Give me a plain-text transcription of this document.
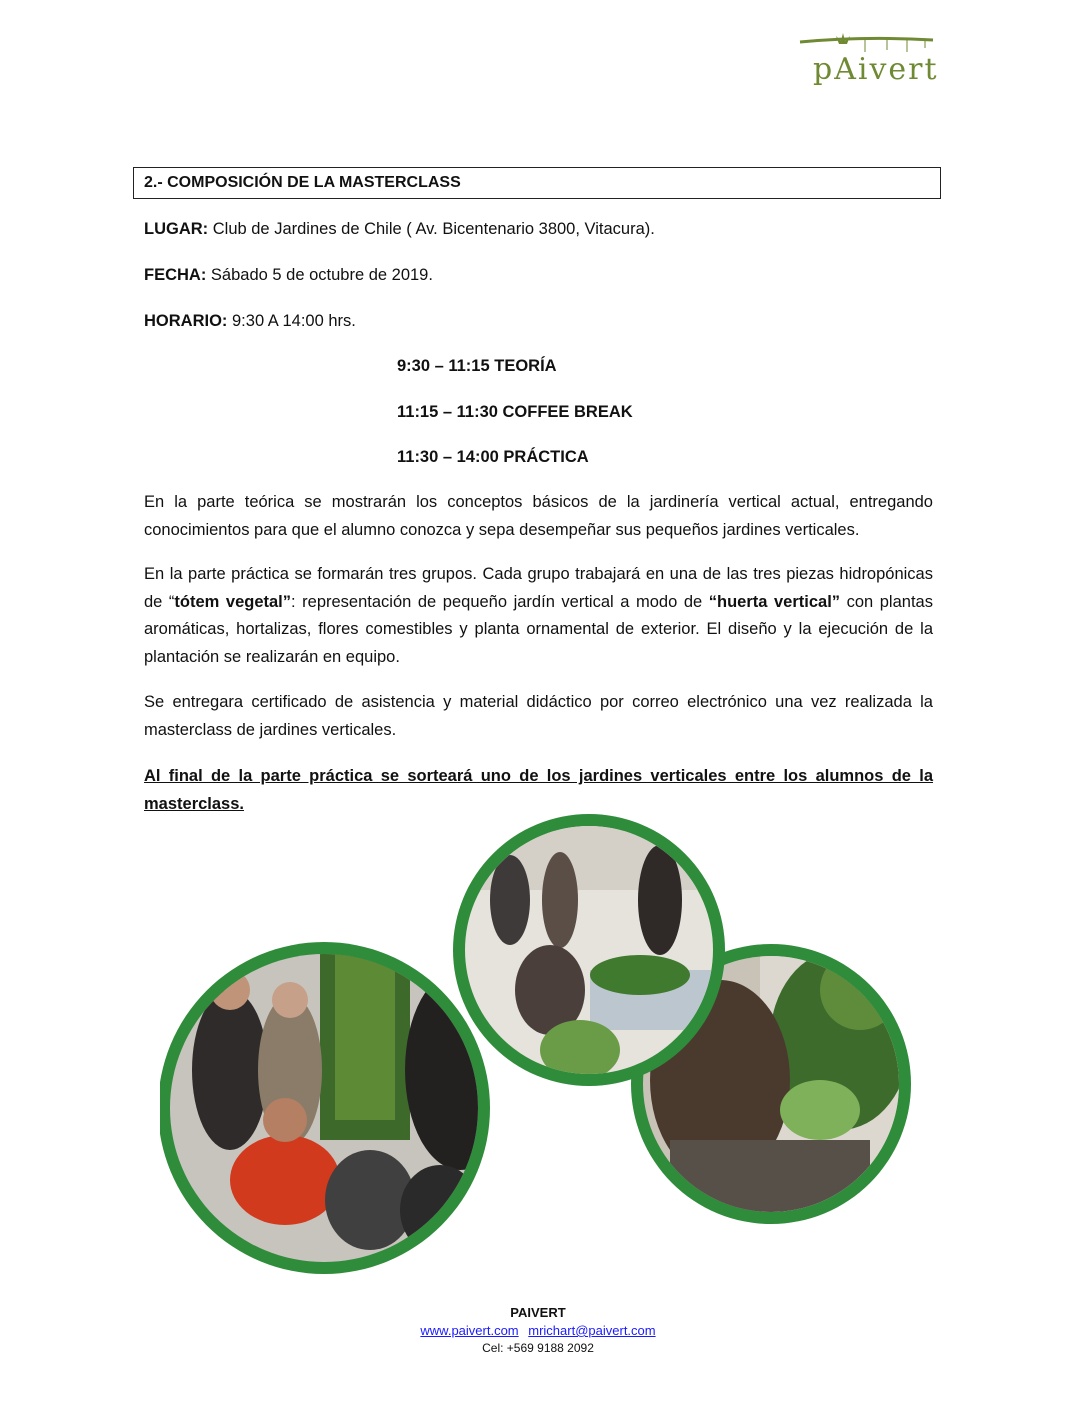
pAivert
2.- COMPOSICIÓN DE LA MASTERCLASS
LUGAR: Club de Jardines de Chile ( Av. Bicentenario 3800, Vitacura).
FECHA: Sábado 5 de octubre de 2019.
HORARIO: 9:30 A 14:00 hrs.
9:30 – 11:15 TEORÍA
11:15 – 11:30 COFFEE BREAK
11:30 – 14:00 PRÁCTICA

En la parte teórica se mostrarán los conceptos básicos de la jardinería vertical actual, entregando conocimientos para que el alumno conozca y sepa desempeñar sus pequeños jardines verticales.

En la parte práctica se formarán tres grupos. Cada grupo trabajará en una de las tres piezas hidropónicas de “tótem vegetal”: representación de pequeño jardín vertical a modo de “huerta vertical” con plantas aromáticas, hortalizas, flores comestibles y planta ornamental de exterior. El diseño y la ejecución de la plantación se realizarán en equipo.

Se entregara certificado de asistencia y material didáctico por correo electrónico una vez realizada la masterclass de jardines verticales.

Al final de la parte práctica se sorteará uno de los jardines verticales entre los alumnos de la masterclass.

PAIVERT
www.paivert.com mrichart@paivert.com
Cel: +569 9188 2092
